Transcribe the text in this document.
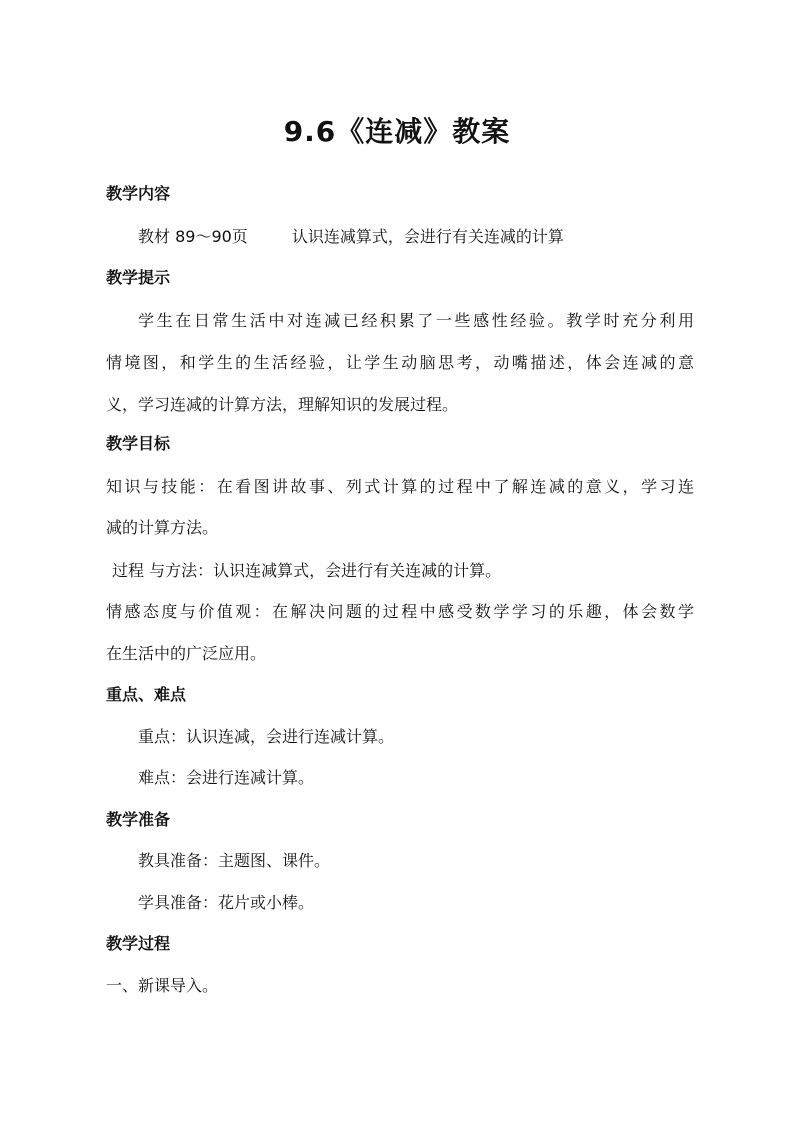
9.6《连减》教案
教学内容
教材 89～90页	认识连减算式，会进行有关连减的计算
教学提示
学生在日常生活中对连减已经积累了一些感性经验。教学时充分利用
情境图，和学生的生活经验，让学生动脑思考，动嘴描述，体会连减的意
义，学习连减的计算方法，理解知识的发展过程。
教学目标
知识与技能：在看图讲故事、列式计算的过程中了解连减的意义，学习连
减的计算方法。
过程 与方法：认识连减算式，会进行有关连减的计算。
情感态度与价值观：在解决问题的过程中感受数学学习的乐趣，体会数学
在生活中的广泛应用。
重点、难点
重点：认识连减，会进行连减计算。
难点：会进行连减计算。
教学准备
教具准备：主题图、课件。
学具准备：花片或小棒。
教学过程
一、新课导入。
